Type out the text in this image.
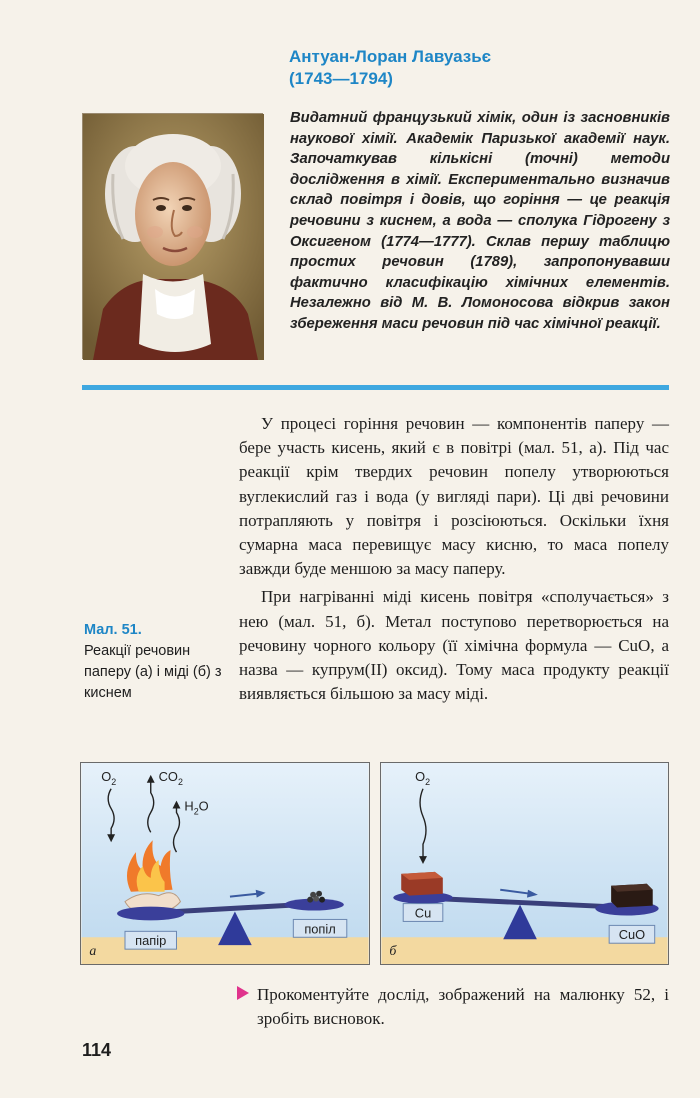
Антуан-Лоран Лавуазьє
(1743—1794)
Видатний французький хімік, один із засновників наукової хімії. Академік Паризької академії наук. Започаткував кількісні (точні) методи дослідження в хімії. Експериментально визначив склад повітря і довів, що горіння — це реакція речовини з киснем, а вода — сполука Гідрогену з Оксигеном (1774—1777). Склав першу таблицю простих речовин (1789), запропонувавши фактично класифікацію хімічних елементів. Незалежно від М. В. Ломоносова відкрив закон збереження маси речовин під час хімічної реакції.

У процесі горіння речовин — компонентів паперу — бере участь кисень, який є в повітрі (мал. 51, а). Під час реакції крім твердих речовин попелу утворюються вуглекислий газ і вода (у вигляді пари). Ці дві речовини потрапляють у повітря і розсіюються. Оскільки їхня сумарна маса перевищує масу кисню, то маса попелу завжди буде меншою за масу паперу.

При нагріванні міді кисень повітря «сполучається» з нею (мал. 51, б). Метал поступово перетворюється на речовину чорного кольору (її хімічна формула — CuO, а назва — купрум(II) оксид). Тому маса продукту реакції виявляється більшою за масу міді.

Мал. 51.
Реакції речовин паперу (а) і міді (б) з киснем
$O_2$	$CO_2$
$H_2O$
папір
попіл
а
$O_2$
Cu
CuO
б
Прокоментуйте дослід, зображений на малюнку 52, і зробіть висновок.
114
